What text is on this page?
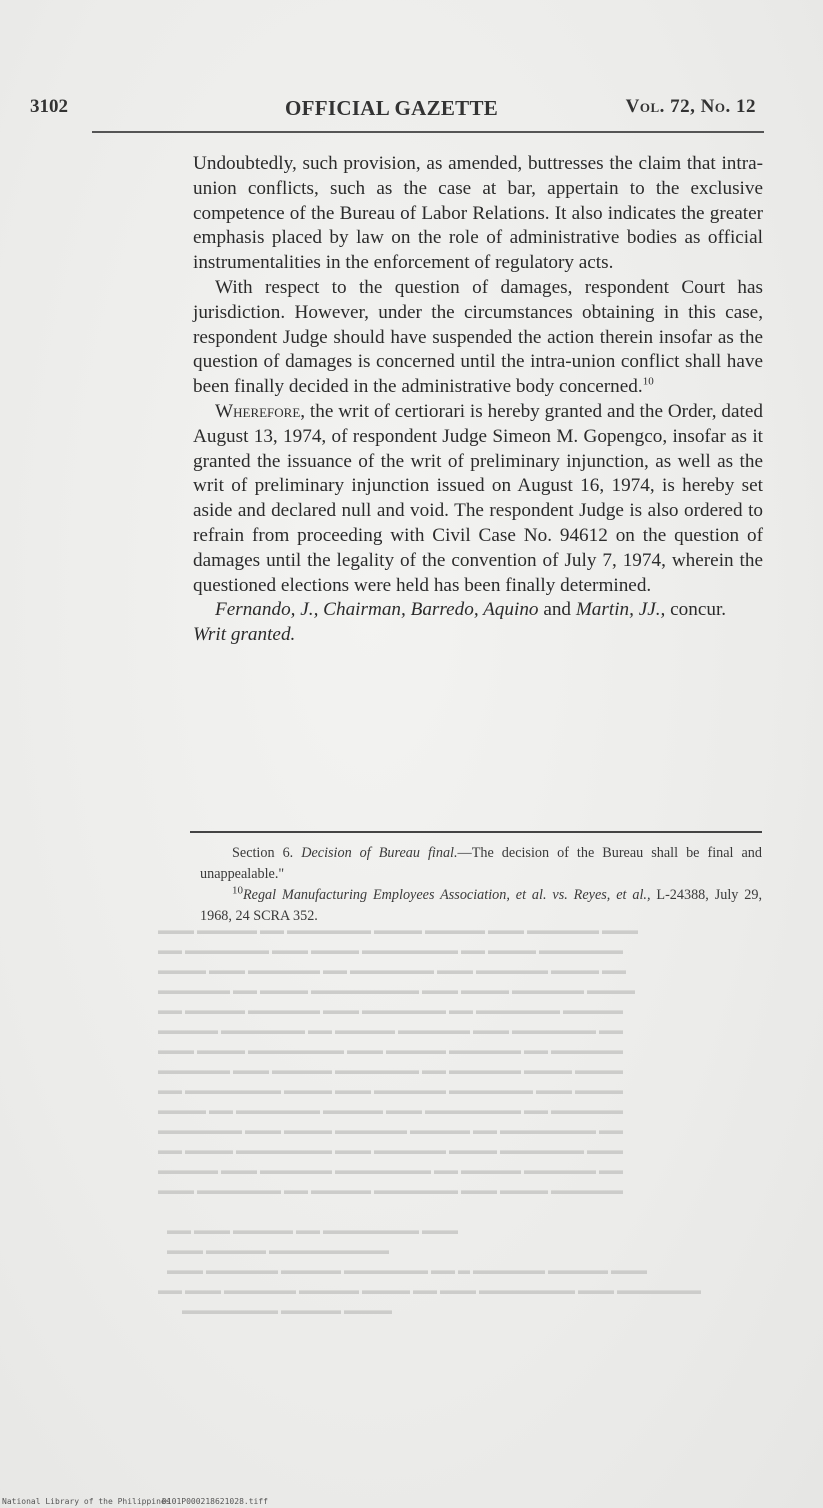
3102	OFFICIAL GAZETTE	Vol. 72, No. 12

Undoubtedly, such provision, as amended, buttresses the claim that intra-union conflicts, such as the case at bar, appertain to the exclusive competence of the Bureau of Labor Relations. It also indicates the greater emphasis placed by law on the role of administrative bodies as official instrumentalities in the enforcement of regulatory acts.

With respect to the question of damages, respondent Court has jurisdiction. However, under the circumstances obtaining in this case, respondent Judge should have suspended the action therein insofar as the question of damages is concerned until the intra-union conflict shall have been finally decided in the administrative body concerned.$^{10}$

Wherefore, the writ of certiorari is hereby granted and the Order, dated August 13, 1974, of respondent Judge Simeon M. Gopengco, insofar as it granted the issuance of the writ of preliminary injunction, as well as the writ of preliminary injunction issued on August 16, 1974, is hereby set aside and declared null and void. The respondent Judge is also ordered to refrain from proceeding with Civil Case No. 94612 on the question of damages until the legality of the convention of July 7, 1974, wherein the questioned elections were held has been finally determined.

Fernando, J., Chairman, Barredo, Aquino and Martin, JJ., concur.

Writ granted.

Section 6. Decision of Bureau final.—The decision of the Bureau shall be final and unappealable."

$^{10}$Regal Manufacturing Employees Association, et al. vs. Reyes, et al., L-24388, July 29, 1968, 24 SCRA 352.

▬▬▬ ▬▬▬▬▬ ▬▬ ▬▬▬▬▬▬▬ ▬▬▬▬ ▬▬▬▬▬ ▬▬▬ ▬▬▬▬▬▬ ▬▬▬
▬▬ ▬▬▬▬▬▬▬ ▬▬▬ ▬▬▬▬ ▬▬▬▬▬▬▬▬ ▬▬ ▬▬▬▬ ▬▬▬▬▬▬▬
▬▬▬▬ ▬▬▬ ▬▬▬▬▬▬ ▬▬ ▬▬▬▬▬▬▬ ▬▬▬ ▬▬▬▬▬▬ ▬▬▬▬ ▬▬
▬▬▬▬▬▬ ▬▬ ▬▬▬▬ ▬▬▬▬▬▬▬▬▬ ▬▬▬ ▬▬▬▬ ▬▬▬▬▬▬ ▬▬▬▬
▬▬ ▬▬▬▬▬ ▬▬▬▬▬▬ ▬▬▬ ▬▬▬▬▬▬▬ ▬▬ ▬▬▬▬▬▬▬ ▬▬▬▬▬
▬▬▬▬▬ ▬▬▬▬▬▬▬ ▬▬ ▬▬▬▬▬ ▬▬▬▬▬▬ ▬▬▬ ▬▬▬▬▬▬▬ ▬▬
▬▬▬ ▬▬▬▬ ▬▬▬▬▬▬▬▬ ▬▬▬ ▬▬▬▬▬ ▬▬▬▬▬▬ ▬▬ ▬▬▬▬▬▬
▬▬▬▬▬▬ ▬▬▬ ▬▬▬▬▬ ▬▬▬▬▬▬▬ ▬▬ ▬▬▬▬▬▬ ▬▬▬▬ ▬▬▬▬
▬▬ ▬▬▬▬▬▬▬▬ ▬▬▬▬ ▬▬▬ ▬▬▬▬▬▬ ▬▬▬▬▬▬▬ ▬▬▬ ▬▬▬▬
▬▬▬▬ ▬▬ ▬▬▬▬▬▬▬ ▬▬▬▬▬ ▬▬▬ ▬▬▬▬▬▬▬▬ ▬▬ ▬▬▬▬▬▬
▬▬▬▬▬▬▬ ▬▬▬ ▬▬▬▬ ▬▬▬▬▬▬ ▬▬▬▬▬ ▬▬ ▬▬▬▬▬▬▬▬ ▬▬
▬▬ ▬▬▬▬ ▬▬▬▬▬▬▬▬ ▬▬▬ ▬▬▬▬▬▬ ▬▬▬▬ ▬▬▬▬▬▬▬ ▬▬▬
▬▬▬▬▬ ▬▬▬ ▬▬▬▬▬▬ ▬▬▬▬▬▬▬▬ ▬▬ ▬▬▬▬▬ ▬▬▬▬▬▬ ▬▬
▬▬▬ ▬▬▬▬▬▬▬ ▬▬ ▬▬▬▬▬ ▬▬▬▬▬▬▬ ▬▬▬ ▬▬▬▬ ▬▬▬▬▬▬

▬▬ ▬▬▬ ▬▬▬▬▬ ▬▬ ▬▬▬▬▬▬▬▬ ▬▬▬
▬▬▬ ▬▬▬▬▬ ▬▬▬▬▬▬▬▬▬▬
▬▬▬ ▬▬▬▬▬▬ ▬▬▬▬▬ ▬▬▬▬▬▬▬ ▬▬ ▬ ▬▬▬▬▬▬ ▬▬▬▬▬ ▬▬▬
▬▬ ▬▬▬ ▬▬▬▬▬▬ ▬▬▬▬▬ ▬▬▬▬ ▬▬ ▬▬▬ ▬▬▬▬▬▬▬▬ ▬▬▬ ▬▬▬▬▬▬▬
▬▬▬▬▬▬▬▬ ▬▬▬▬▬ ▬▬▬▬
National Library of the Philippines
D101P000218621028.tiff
